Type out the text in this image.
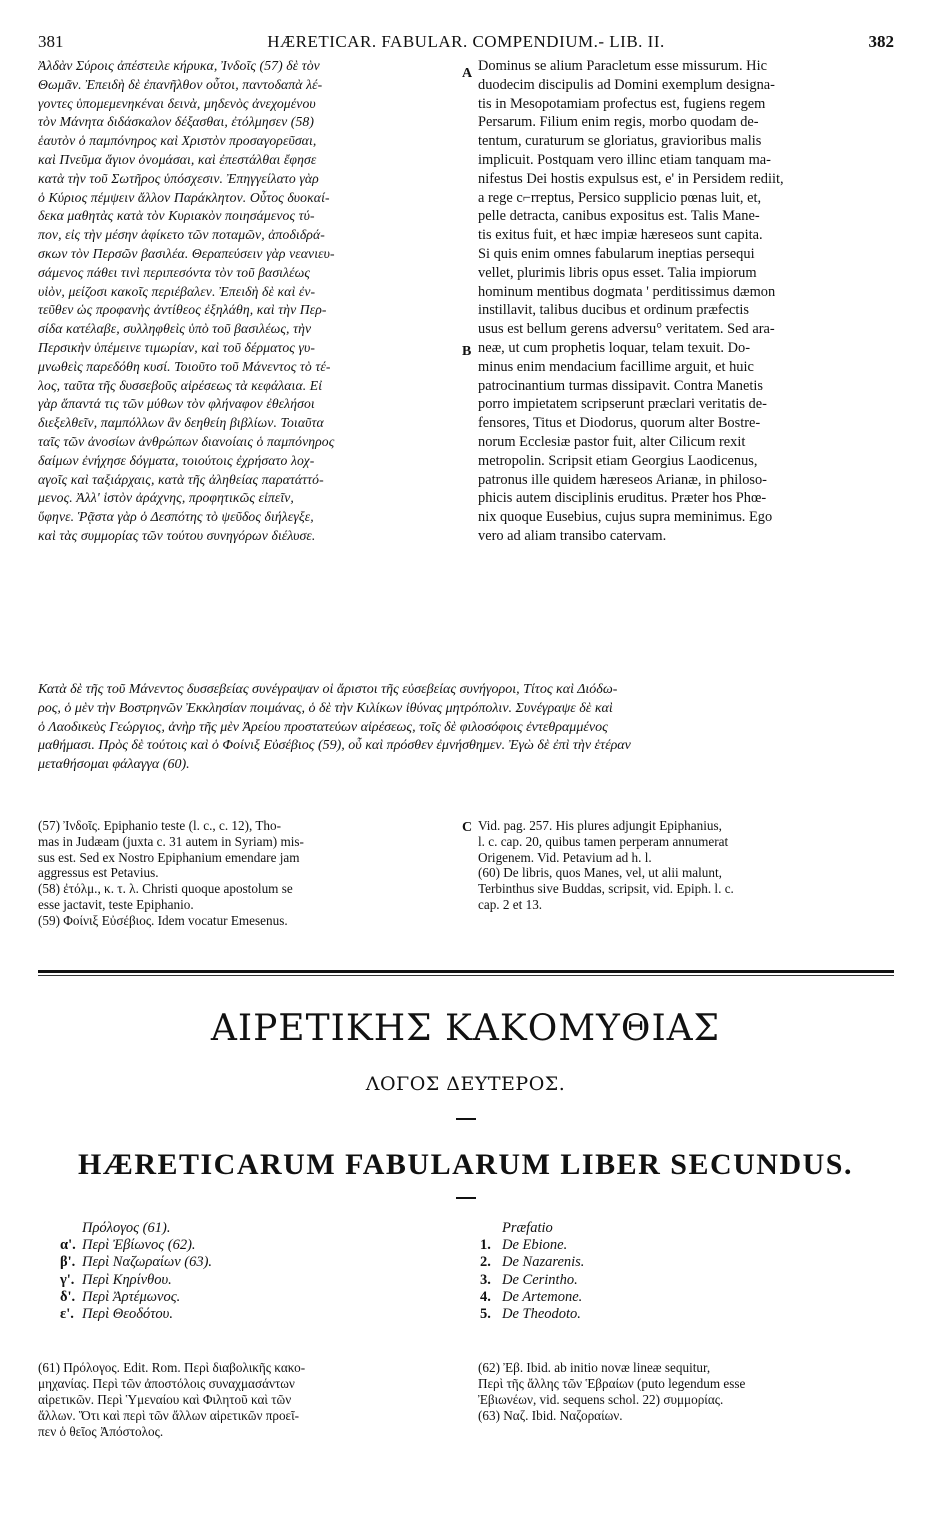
381	HÆRETICAR. FABULAR. COMPENDIUM.- LIB. II.	382
Ἀλδὰν Σύροις ἀπέστειλε κήρυκα, Ἰνδοῖς (57) δὲ τὸν
Θωμᾶν. Ἐπειδὴ δὲ ἐπανῆλθον οὗτοι, παντοδαπὰ λέ-
γοντες ὑπομεμενηκέναι δεινὰ, μηδενὸς ἀνεχομένου
τὸν Μάνητα διδάσκαλον δέξασθαι, ἐτόλμησεν (58)
ἑαυτὸν ὁ παμπόνηρος καὶ Χριστὸν προσαγορεῦσαι,
καὶ Πνεῦμα ἅγιον ὀνομάσαι, καὶ ἐπεστάλθαι ἔφησε
κατὰ τὴν τοῦ Σωτῆρος ὑπόσχεσιν. Ἐπηγγείλατο γὰρ
ὁ Κύριος πέμψειν ἄλλον Παράκλητον. Οὗτος δυοκαί-
δεκα μαθητὰς κατὰ τὸν Κυριακὸν ποιησάμενος τύ-
πον, εἰς τὴν μέσην ἀφίκετο τῶν ποταμῶν, ἀποδιδρά-
σκων τὸν Περσῶν βασιλέα. Θεραπεύσειν γὰρ νεανιευ-
σάμενος πάθει τινὶ περιπεσόντα τὸν τοῦ βασιλέως
υἱὸν, μείζοσι κακοῖς περιέβαλεν. Ἐπειδὴ δὲ καὶ ἐν-
τεῦθεν ὡς προφανὴς ἀντίθεος ἐξηλάθη, καὶ τὴν Περ-
σίδα κατέλαβε, συλληφθεὶς ὑπὸ τοῦ βασιλέως, τὴν
Περσικὴν ὑπέμεινε τιμωρίαν, καὶ τοῦ δέρματος γυ-
μνωθεὶς παρεδόθη κυσί. Τοιοῦτο τοῦ Μάνεντος τὸ τέ-
λος, ταῦτα τῆς δυσσεβοῦς αἱρέσεως τὰ κεφάλαια. Εἰ
γὰρ ἅπαντά τις τῶν μύθων τὸν φλήναφον ἐθελήσοι
διεξελθεῖν, παμπόλλων ἂν δεηθείη βιβλίων. Τοιαῦτα
ταῖς τῶν ἀνοσίων ἀνθρώπων διανοίαις ὁ παμπόνηρος
δαίμων ἐνήχησε δόγματα, τοιούτοις ἐχρήσατο λοχ-
αγοῖς καὶ ταξιάρχαις, κατὰ τῆς ἀληθείας παρατάττό-
μενος. Ἀλλ' ἱστὸν ἀράχνης, προφητικῶς εἰπεῖν,
ὕφηνε. Ῥᾷστα γὰρ ὁ Δεσπότης τὸ ψεῦδος διήλεγξε,
καὶ τὰς συμμορίας τῶν τούτου συνηγόρων διέλυσε.
Dominus se alium Paracletum esse missurum. Hic
duodecim discipulis ad Domini exemplum designa-
tis in Mesopotamiam profectus est, fugiens regem
Persarum. Filium enim regis, morbo quodam de-
tentum, curaturum se gloriatus, gravioribus malis
implicuit. Postquam vero illinc etiam tanquam ma-
nifestus Dei hostis expulsus est, e' in Persidem rediit,
a rege c⌐rreptus, Persico supplicio pœnas luit, et,
pelle detracta, canibus expositus est. Talis Mane-
tis exitus fuit, et hæc impiæ hæreseos sunt capita.
Si quis enim omnes fabularum ineptias persequi
vellet, plurimis libris opus esset. Talia impiorum
hominum mentibus dogmata ' perditissimus dæmon
instillavit, talibus ducibus et ordinum præfectis
usus est bellum gerens adversu° veritatem. Sed ara-
neæ, ut cum prophetis loquar, telam texuit. Do-
minus enim mendacium facillime arguit, et huic
patrocinantium turmas dissipavit. Contra Manetis
porro impietatem scripserunt præclari veritatis de-
fensores, Titus et Diodorus, quorum alter Bostre-
norum Ecclesiæ pastor fuit, alter Cilicum rexit
metropolin. Scripsit etiam Georgius Laodicenus,
patronus ille quidem hæreseos Arianæ, in philoso-
phicis autem disciplinis eruditus. Præter hos Phœ-
nix quoque Eusebius, cujus supra meminimus. Ego
vero ad aliam transibo catervam.
A
B
Κατὰ δὲ τῆς τοῦ Μάνεντος δυσσεβείας συνέγραψαν οἱ ἄριστοι τῆς εὐσεβείας συνήγοροι, Τίτος καὶ Διόδω-
ρος, ὁ μὲν τὴν Βοστρηνῶν Ἐκκλησίαν ποιμάνας, ὁ δὲ τὴν Κιλίκων ἰθύνας μητρόπολιν. Συνέγραψε δὲ καὶ
ὁ Λαοδικεὺς Γεώργιος, ἀνὴρ τῆς μὲν Ἀρείου προστατεύων αἱρέσεως, τοῖς δὲ φιλοσόφοις ἐντεθραμμένος
μαθήμασι. Πρὸς δὲ τούτοις καὶ ὁ Φοίνιξ Εὐσέβιος (59), οὗ καὶ πρόσθεν ἐμνήσθημεν. Ἐγὼ δὲ ἐπὶ τὴν ἑτέραν
μεταθήσομαι φάλαγγα (60).
(57) Ἰνδοῖς. Epiphanio teste (l. c., c. 12), Tho-
mas in Judæam (juxta c. 31 autem in Syriam) mis-
sus est. Sed ex Nostro Epiphanium emendare jam
aggressus est Petavius.
(58) ἐτόλμ., κ. τ. λ. Christi quoque apostolum se
esse jactavit, teste Epiphanio.
(59) Φοίνιξ Εὐσέβιος. Idem vocatur Emesenus.
C Vid. pag. 257. His plures adjungit Epiphanius,
l. c. cap. 20, quibus tamen perperam annumerat
Origenem. Vid. Petavium ad h. l.
(60) De libris, quos Manes, vel, ut alii malunt,
Terbinthus sive Buddas, scripsit, vid. Epiph. l. c.
cap. 2 et 13.
ΑΙΡΕΤΙΚΗΣ ΚΑΚΟΜΥΘΙΑΣ
ΛΟΓΟΣ ΔΕΥΤΕΡΟΣ.
HÆRETICARUM FABULARUM LIBER SECUNDUS.
Πρόλογος (61).
α'. Περὶ Ἐβίωνος (62).
β'. Περὶ Ναζωραίων (63).
γ'. Περὶ Κηρίνθου.
δ'. Περὶ Ἀρτέμωνος.
ε'. Περὶ Θεοδότου.
Præfatio
1. De Ebione.
2. De Nazarenis.
3. De Cerintho.
4. De Artemone.
5. De Theodoto.
(61) Πρόλογος. Edit. Rom. Περὶ διαβολικῆς κακο-
μηχανίας. Περὶ τῶν ἀποστόλοις συναχμασάντων
αἱρετικῶν. Περὶ Ὑμεναίου καὶ Φιλητοῦ καὶ τῶν
ἄλλων. Ὅτι καὶ περὶ τῶν ἄλλων αἱρετικῶν προεῖ-
πεν ὁ θεῖος Ἀπόστολος.
(62) Ἐβ. Ibid. ab initio novæ lineæ sequitur,
Περὶ τῆς ἄλλης τῶν Ἑβραίων (puto legendum esse
Ἐβιωνέων, vid. sequens schol. 22) συμμορίας.
(63) Ναζ. Ibid. Ναζοραίων.
